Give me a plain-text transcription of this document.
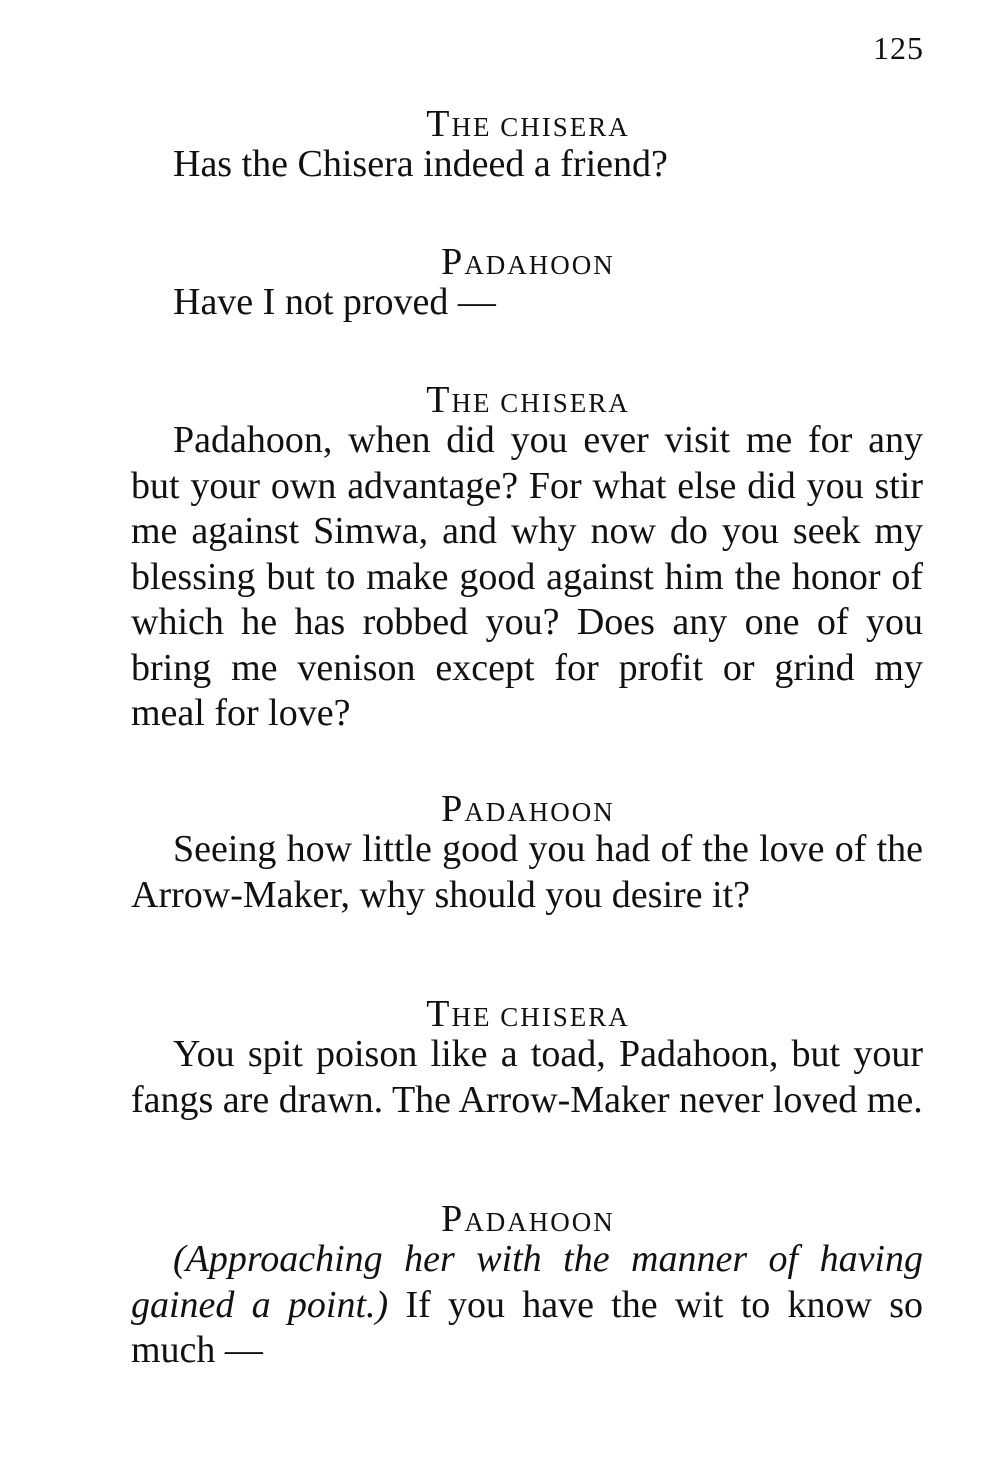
125
THE CHISERA

Has the Chisera indeed a friend?

PADAHOON

Have I not proved —

THE CHISERA

Padahoon, when did you ever visit me for any but your own advantage? For what else did you stir me against Simwa, and why now do you seek my blessing but to make good against him the honor of which he has robbed you? Does any one of you bring me venison except for profit or grind my meal for love?

PADAHOON

Seeing how little good you had of the love of the Arrow-Maker, why should you desire it?

THE CHISERA

You spit poison like a toad, Padahoon, but your fangs are drawn. The Arrow-Maker never loved me.

PADAHOON

(Approaching her with the manner of having gained a point.) If you have the wit to know so much —
